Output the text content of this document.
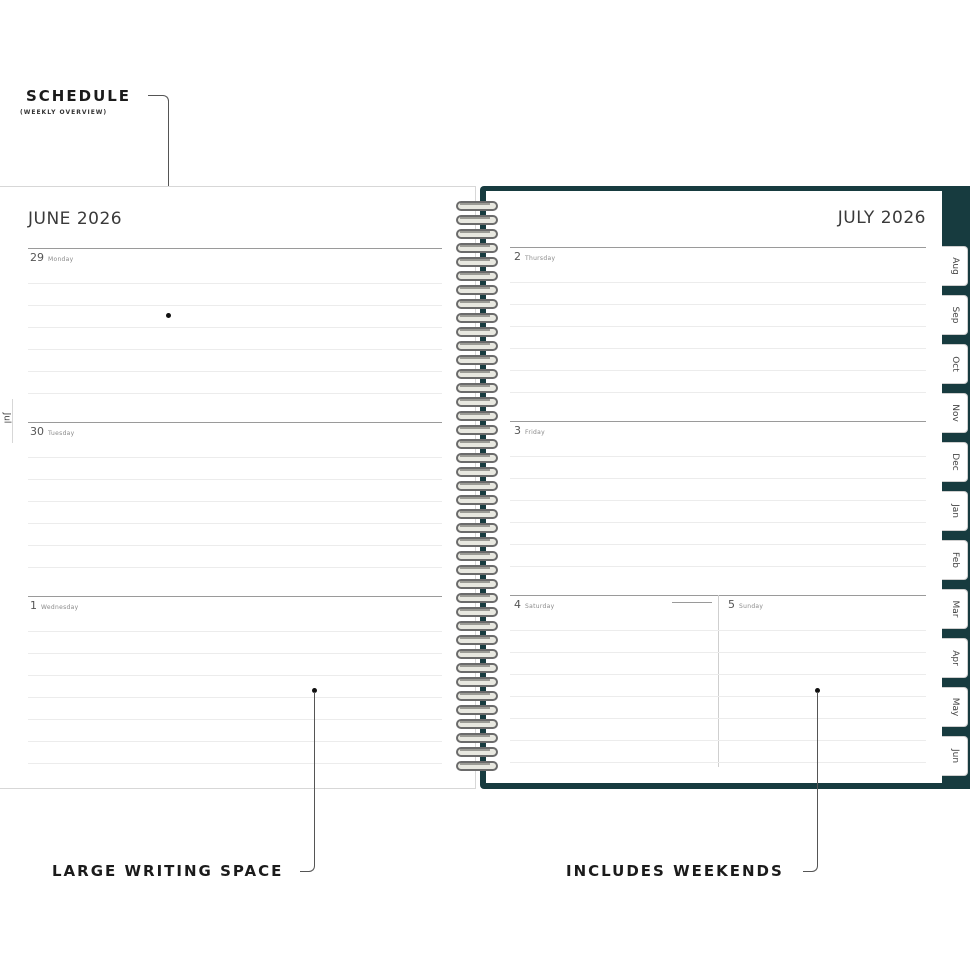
SCHEDULE
(WEEKLY OVERVIEW)
Jul
JUNE 2026
29 Monday
30 Tuesday
1 Wednesday
Aug
Sep
Oct
Nov
Dec
Jan
Feb
Mar
Apr
May
Jun
JULY 2026
2 Thursday
3 Friday
4 Saturday	5 Sunday
LARGE WRITING SPACE	INCLUDES WEEKENDS
